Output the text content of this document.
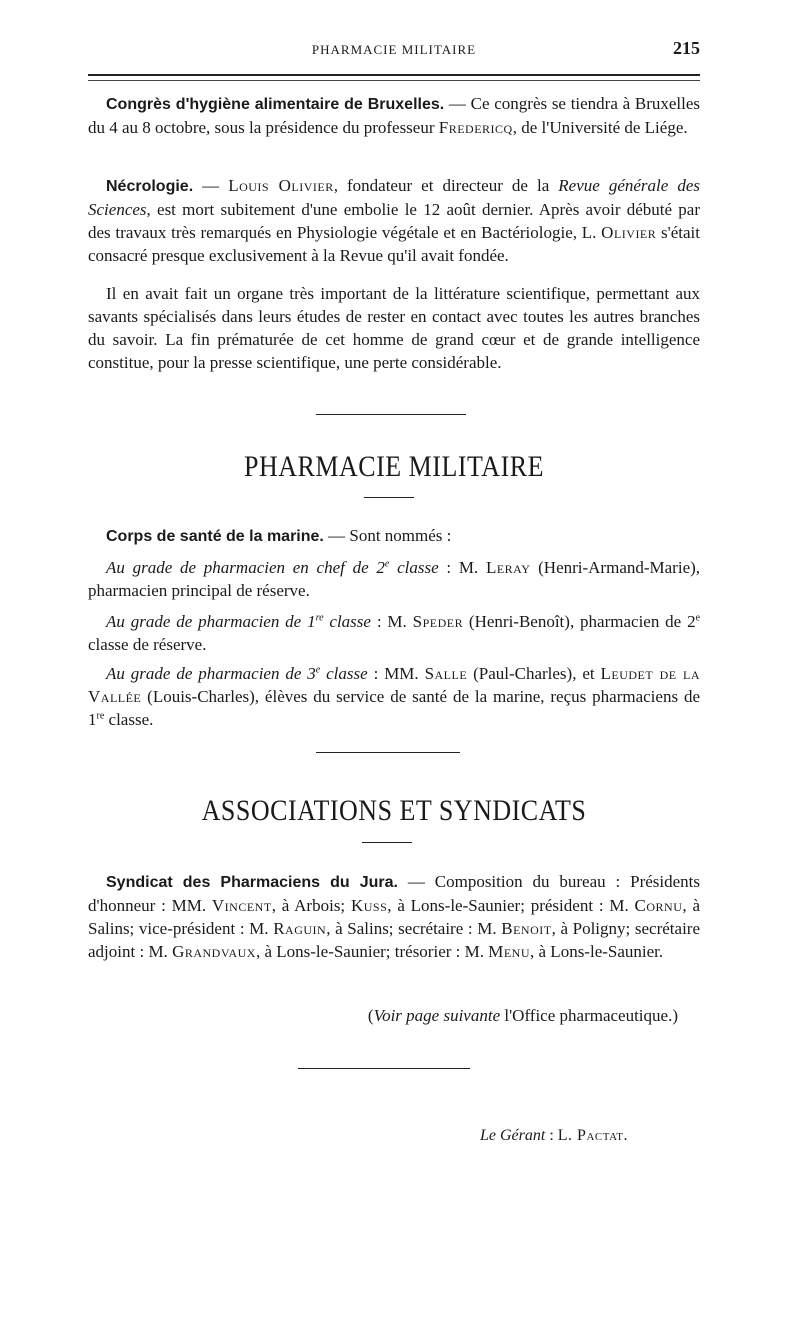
PHARMACIE MILITAIRE	215
Congrès d'hygiène alimentaire de Bruxelles. — Ce congrès se tiendra à Bruxelles du 4 au 8 octobre, sous la présidence du professeur Fredericq, de l'Université de Liége.
Nécrologie. — Louis Olivier, fondateur et directeur de la Revue générale des Sciences, est mort subitement d'une embolie le 12 août dernier. Après avoir débuté par des travaux très remarqués en Physiologie végétale et en Bactériologie, L. Olivier s'était consacré presque exclusivement à la Revue qu'il avait fondée.
Il en avait fait un organe très important de la littérature scientifique, permettant aux savants spécialisés dans leurs études de rester en contact avec toutes les autres branches du savoir. La fin prématurée de cet homme de grand cœur et de grande intelligence constitue, pour la presse scientifique, une perte considérable.
PHARMACIE MILITAIRE
Corps de santé de la marine. — Sont nommés :
Au grade de pharmacien en chef de 2e classe : M. Leray (Henri-Armand-Marie), pharmacien principal de réserve.
Au grade de pharmacien de 1re classe : M. Speder (Henri-Benoît), pharmacien de 2e classe de réserve.
Au grade de pharmacien de 3e classe : MM. Salle (Paul-Charles), et Leudet de la Vallée (Louis-Charles), élèves du service de santé de la marine, reçus pharmaciens de 1re classe.
ASSOCIATIONS ET SYNDICATS
Syndicat des Pharmaciens du Jura. — Composition du bureau : Présidents d'honneur : MM. Vincent, à Arbois; Kuss, à Lons-le-Saunier; président : M. Cornu, à Salins; vice-président : M. Raguin, à Salins; secrétaire : M. Benoit, à Poligny; secrétaire adjoint : M. Grandvaux, à Lons-le-Saunier; trésorier : M. Menu, à Lons-le-Saunier.
(Voir page suivante l'Office pharmaceutique.)
Le Gérant : L. Pactat.
